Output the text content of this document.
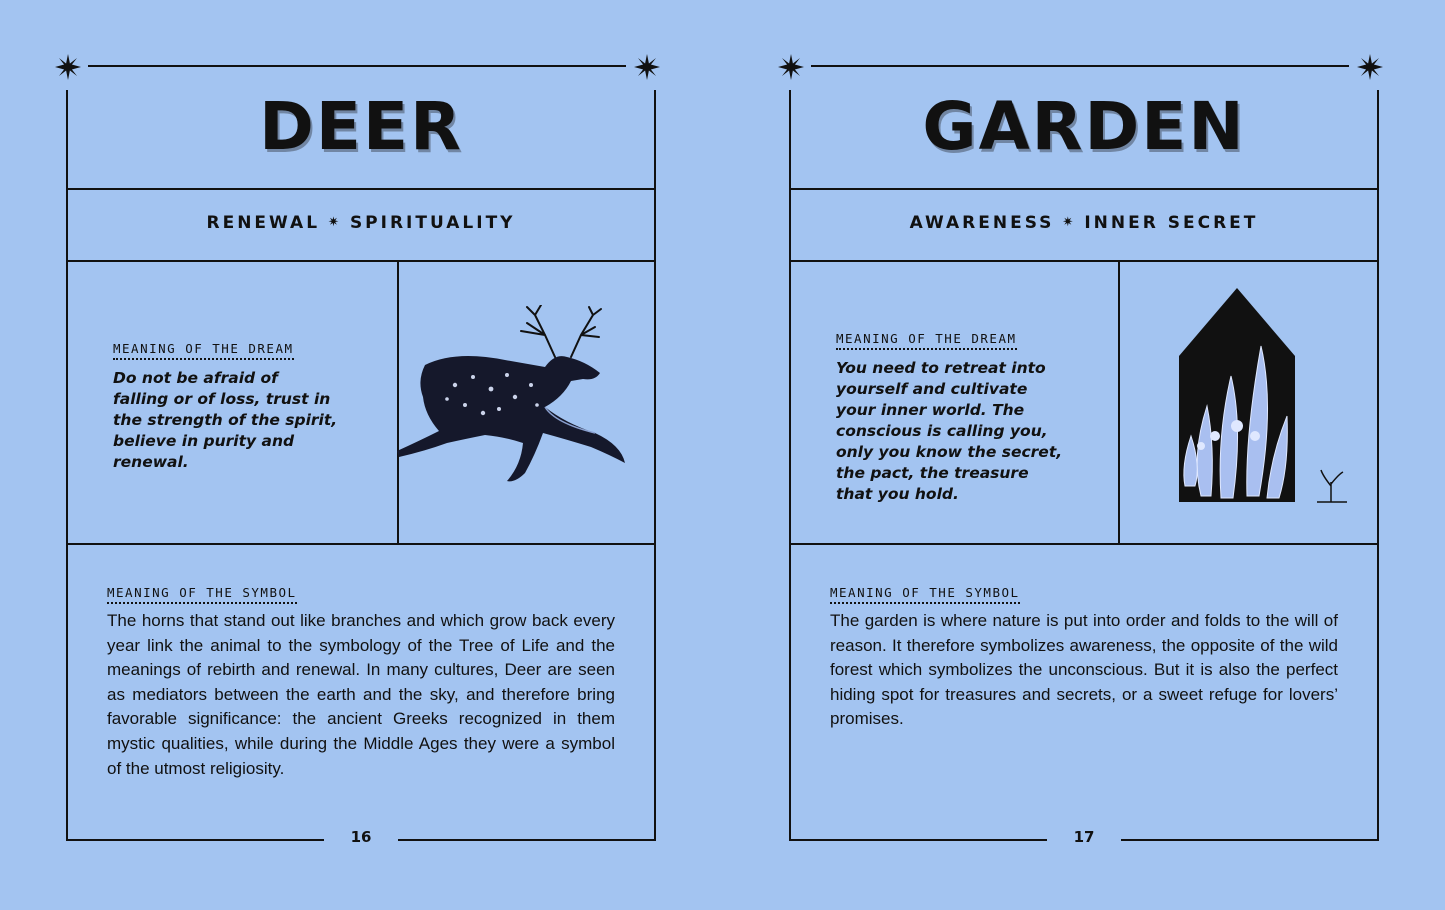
DEER
RENEWAL ✷ SPIRITUALITY
MEANING OF THE DREAM
Do not be afraid of falling or of loss, trust in the strength of the spirit, believe in purity and renewal.
MEANING OF THE SYMBOL
The horns that stand out like branches and which grow back every year link the animal to the symbology of the Tree of Life and the meanings of rebirth and renewal. In many cultures, Deer are seen as mediators between the earth and the sky, and therefore bring favorable significance: the ancient Greeks recognized in them mystic qualities, while during the Middle Ages they were a symbol of the utmost religiosity.
16
GARDEN
AWARENESS ✷ INNER SECRET
MEANING OF THE DREAM
You need to retreat into yourself and cultivate your inner world. The conscious is calling you, only you know the secret, the pact, the treasure that you hold.
MEANING OF THE SYMBOL
The garden is where nature is put into order and folds to the will of reason. It therefore symbolizes awareness, the opposite of the wild forest which symbolizes the unconscious. But it is also the perfect hiding spot for treasures and secrets, or a sweet refuge for lovers’ promises.
17
